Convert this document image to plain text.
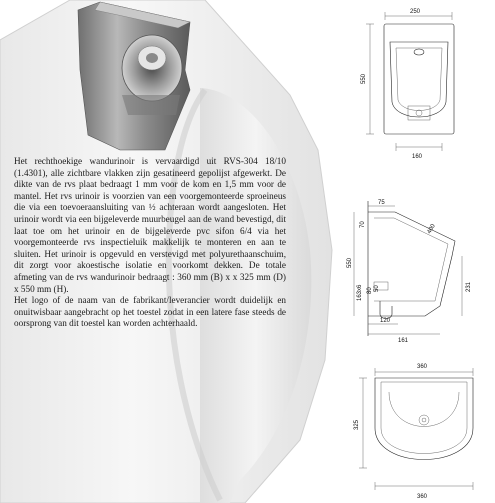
Het rechthoekige wandurinoir is vervaardigd uit RVS-304 18/10 (1.4301), alle zichtbare vlakken zijn gesatineerd gepolijst afgewerkt. De dikte van de rvs plaat bedraagt 1 mm voor de kom en 1,5 mm voor de mantel. Het rvs urinoir is voorzien van een voorgemonteerde sproeineus die via een toevoeraansluiting van ½ achteraan wordt aangesloten. Het urinoir wordt via een bijgeleverde muurbeugel aan de wand bevestigd, dit laat toe om het urinoir en de bijgeleverde pvc sifon 6/4 via het voorgemonteerde rvs inspectieluik makkelijk te monteren en aan te sluiten. Het urinoir is opgevuld en verstevigd met polyurethaanschuim, dit zorgt voor akoestische isolatie en voorkomt dekken. De totale afmeting van de rvs wandurinoir bedraagt : 360 mm (B) x x 325 mm (D) x 550 mm (H).

Het logo of de naam van de fabrikant/leverancier wordt duidelijk en onuitwisbaar aangebracht op het toestel zodat in een latere fase steeds de oorsprong van dit toestel kan worden achterhaald.

250
550
160
75
70	400
550
163x6 80 50
120
231
161
360
325
360
